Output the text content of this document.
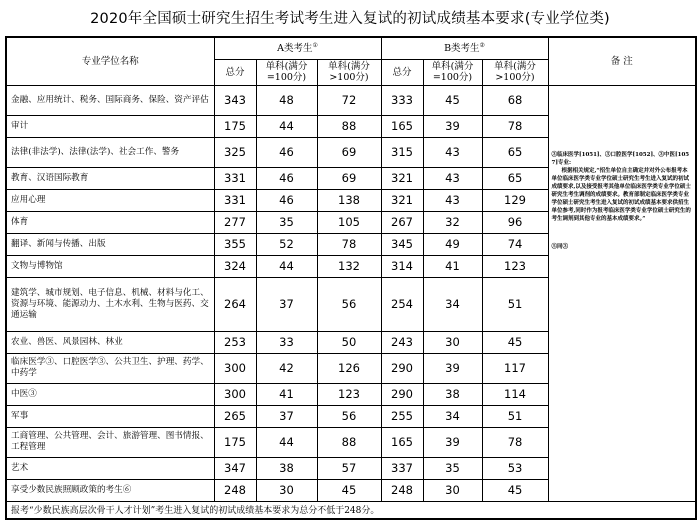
2020年全国硕士研究生招生考试考生进入复试的初试成绩基本要求(专业学位类)
专业学位名称	A类考生①			B类考生②			备 注
	总分	单科(满分=100分)	单科(满分>100分)	总分	单科(满分=100分)	单科(满分>100分)	
金融、应用统计、税务、国际商务、保险、资产评估	343	48	72	333	45	68	③临床医学[1051]、③口腔医学[1052]、③中医[1057]专业:
根据相关规定,“招生单位自主确定并对外公布报考本单位临床医学类专业学位硕士研究生考生进入复试的初试成绩要求,以及接受报考其他单位临床医学类专业学位硕士研究生考生调剂的成绩要求。教育部制定临床医学类专业学位硕士研究生考生进入复试的初试成绩基本要求供招生单位参考,同时作为报考临床医学类专业学位硕士研究生的考生调剂到其他专业的基本成绩要求。”
⑤同③

审计	175	44	88	165	39	78	
法律(非法学)、法律(法学)、社会工作、警务	325	46	69	315	43	65	
教育、汉语国际教育	331	46	69	321	43	65	
应用心理	331	46	138	321	43	129	
体育	277	35	105	267	32	96	
翻译、新闻与传播、出版	355	52	78	345	49	74	
文物与博物馆	324	44	132	314	41	123	
建筑学、城市规划、电子信息、机械、材料与化工、资源与环境、能源动力、土木水利、生物与医药、交通运输	264	37	56	254	34	51	
农业、兽医、风景园林、林业	253	33	50	243	30	45	
临床医学③、口腔医学③、公共卫生、护理、药学、中药学	300	42	126	290	39	117	
中医③	300	41	123	290	38	114	
军事	265	37	56	255	34	51	
工商管理、公共管理、会计、旅游管理、图书情报、工程管理	175	44	88	165	39	78	
艺术	347	38	57	337	35	53	
享受少数民族照顾政策的考生⑥	248	30	45	248	30	45	
报考“少数民族高层次骨干人才计划”考生进入复试的初试成绩基本要求为总分不低于248分。							
